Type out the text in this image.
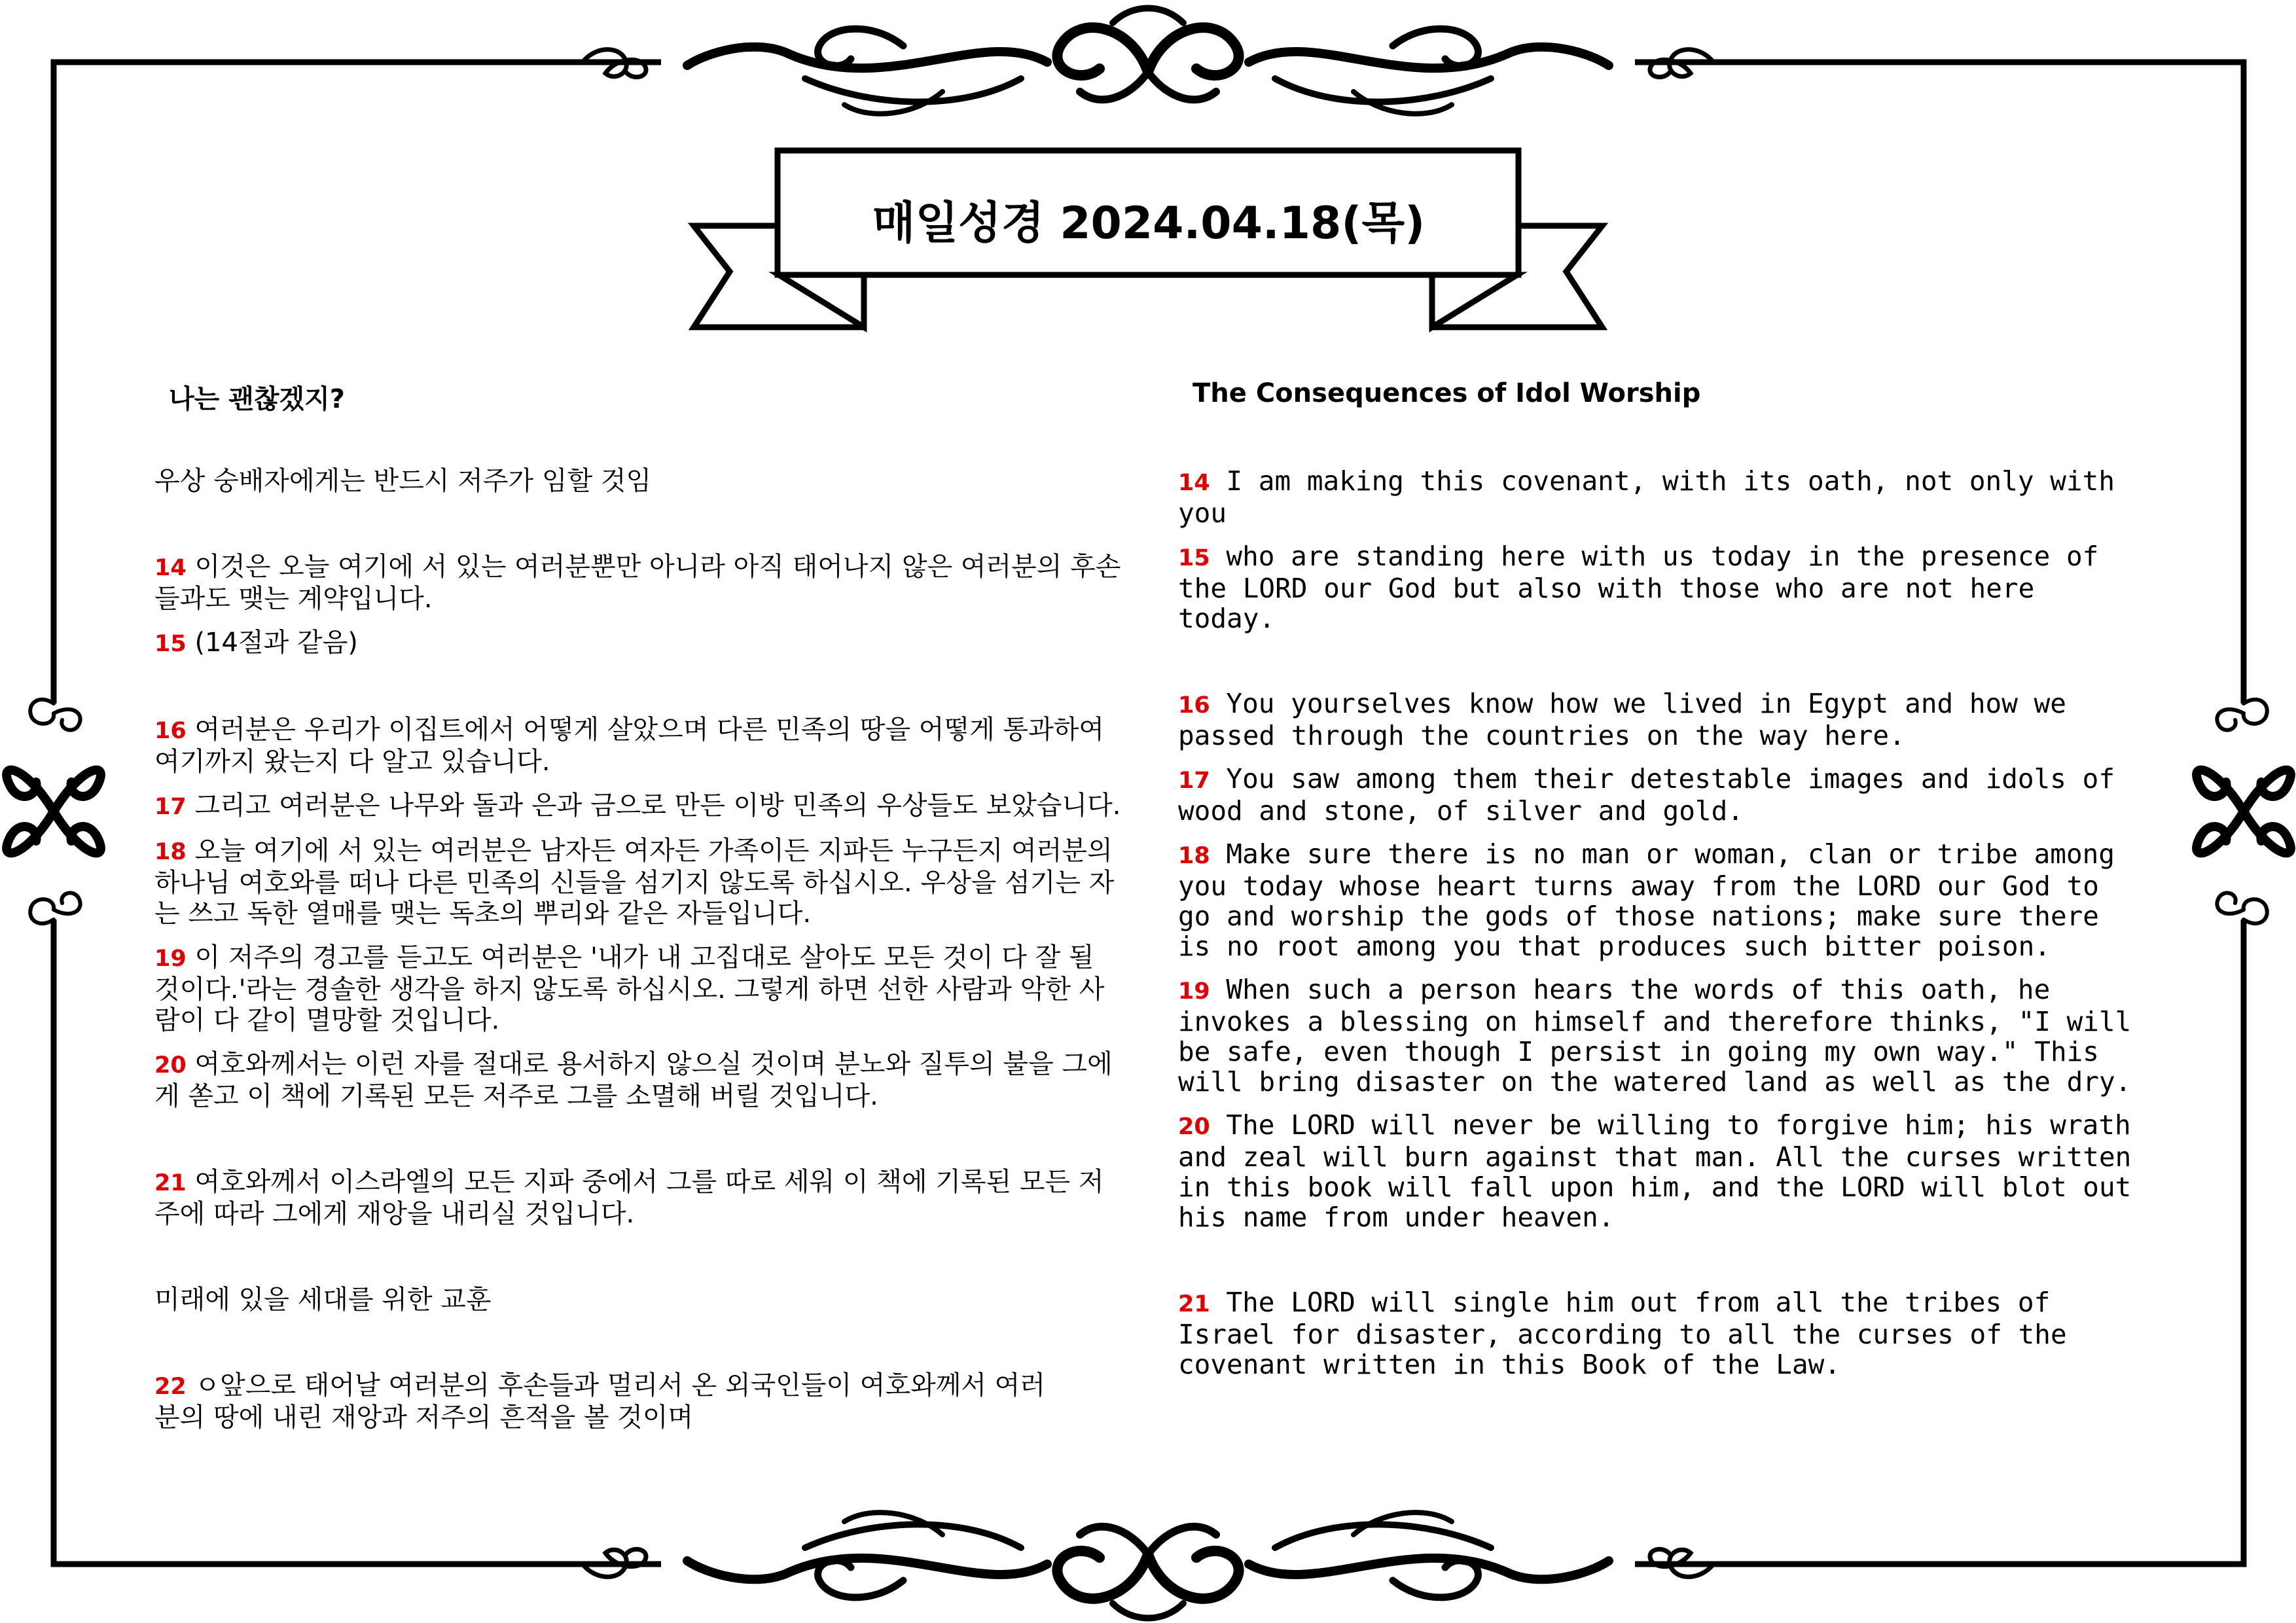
매일성경 2024.04.18(목)
나는 괜찮겠지?
우상 숭배자에게는 반드시 저주가 임할 것임
14 이것은 오늘 여기에 서 있는 여러분뿐만 아니라 아직 태어나지 않은 여러분의 후손들과도 맺는 계약입니다.
15 (14절과 같음)
16 여러분은 우리가 이집트에서 어떻게 살았으며 다른 민족의 땅을 어떻게 통과하여 여기까지 왔는지 다 알고 있습니다.
17 그리고 여러분은 나무와 돌과 은과 금으로 만든 이방 민족의 우상들도 보았습니다.
18 오늘 여기에 서 있는 여러분은 남자든 여자든 가족이든 지파든 누구든지 여러분의 하나님 여호와를 떠나 다른 민족의 신들을 섬기지 않도록 하십시오. 우상을 섬기는 자는 쓰고 독한 열매를 맺는 독초의 뿌리와 같은 자들입니다.
19 이 저주의 경고를 듣고도 여러분은 '내가 내 고집대로 살아도 모든 것이 다 잘 될 것이다.'라는 경솔한 생각을 하지 않도록 하십시오. 그렇게 하면 선한 사람과 악한 사람이 다 같이 멸망할 것입니다.
20 여호와께서는 이런 자를 절대로 용서하지 않으실 것이며 분노와 질투의 불을 그에게 쏟고 이 책에 기록된 모든 저주로 그를 소멸해 버릴 것입니다.
21 여호와께서 이스라엘의 모든 지파 중에서 그를 따로 세워 이 책에 기록된 모든 저주에 따라 그에게 재앙을 내리실 것입니다.
미래에 있을 세대를 위한 교훈
22 ㅇ앞으로 태어날 여러분의 후손들과 멀리서 온 외국인들이 여호와께서 여러분의 땅에 내린 재앙과 저주의 흔적을 볼 것이며
The Consequences of Idol Worship
14 I am making this covenant, with its oath, not only with you
15 who are standing here with us today in the presence of the LORD our God but also with those who are not here today.
16 You yourselves know how we lived in Egypt and how we passed through the countries on the way here.
17 You saw among them their detestable images and idols of wood and stone, of silver and gold.
18 Make sure there is no man or woman, clan or tribe among you today whose heart turns away from the LORD our God to go and worship the gods of those nations; make sure there is no root among you that produces such bitter poison.
19 When such a person hears the words of this oath, he invokes a blessing on himself and therefore thinks, "I will be safe, even though I persist in going my own way." This will bring disaster on the watered land as well as the dry.
20 The LORD will never be willing to forgive him; his wrath and zeal will burn against that man. All the curses written in this book will fall upon him, and the LORD will blot out his name from under heaven.
21 The LORD will single him out from all the tribes of Israel for disaster, according to all the curses of the covenant written in this Book of the Law.
